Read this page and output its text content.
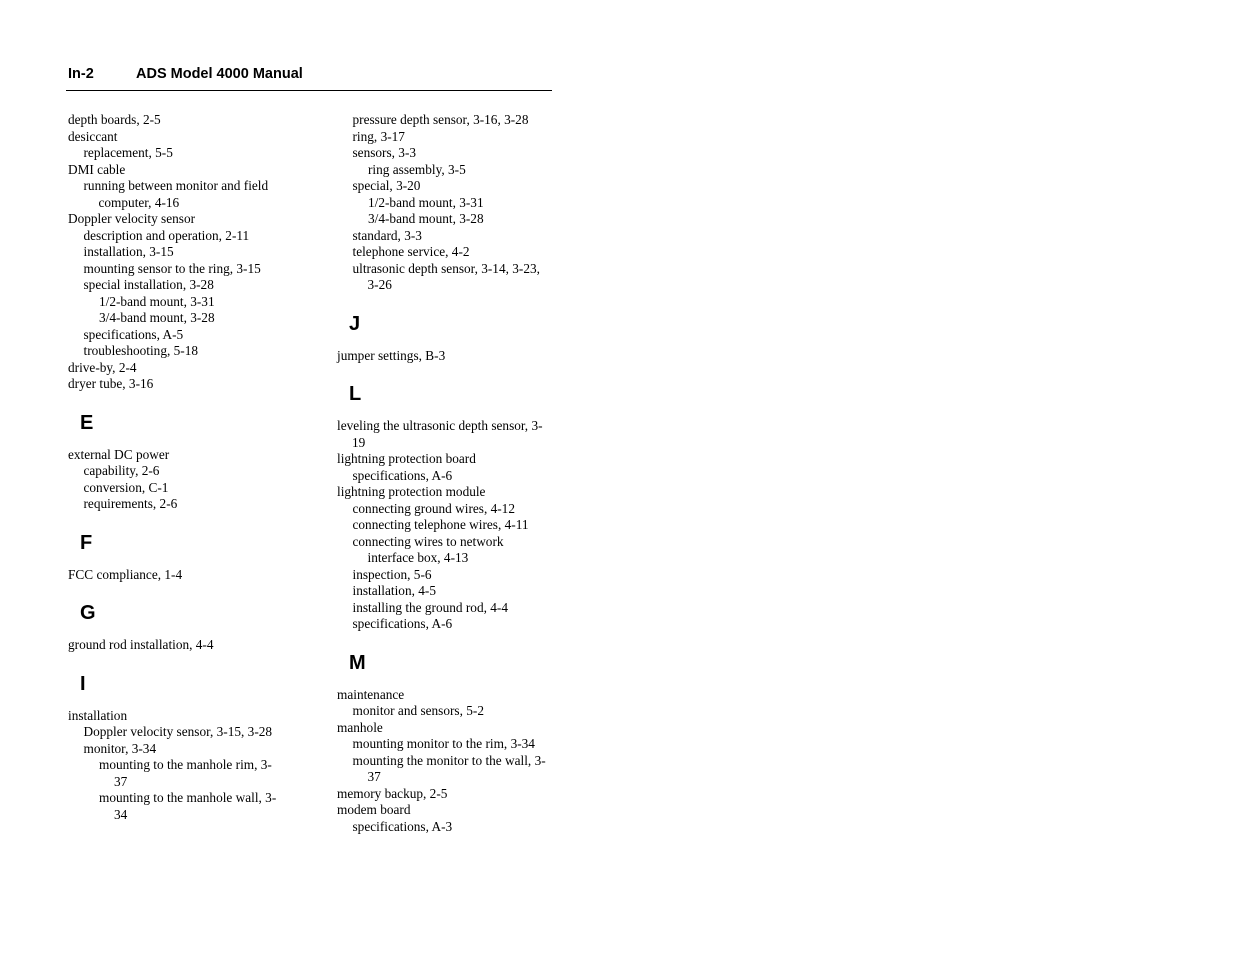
In-2	ADS Model 4000 Manual
depth boards, 2-5
desiccant
replacement, 5-5
DMI cable
running between monitor and field computer, 4-16
Doppler velocity sensor
description and operation, 2-11
installation, 3-15
mounting sensor to the ring, 3-15
special installation, 3-28
1/2-band mount, 3-31
3/4-band mount, 3-28
specifications, A-5
troubleshooting, 5-18
drive-by, 2-4
dryer tube, 3-16
E
external DC power
capability, 2-6
conversion, C-1
requirements, 2-6
F
FCC compliance, 1-4
G
ground rod installation, 4-4
I
installation
Doppler velocity sensor, 3-15, 3-28
monitor, 3-34
mounting to the manhole rim, 3-37
mounting to the manhole wall, 3-34
pressure depth sensor, 3-16, 3-28
ring, 3-17
sensors, 3-3
ring assembly, 3-5
special, 3-20
1/2-band mount, 3-31
3/4-band mount, 3-28
standard, 3-3
telephone service, 4-2
ultrasonic depth sensor, 3-14, 3-23, 3-26
J
jumper settings, B-3
L
leveling the ultrasonic depth sensor, 3-19
lightning protection board
specifications, A-6
lightning protection module
connecting ground wires, 4-12
connecting telephone wires, 4-11
connecting wires to network interface box, 4-13
inspection, 5-6
installation, 4-5
installing the ground rod, 4-4
specifications, A-6
M
maintenance
monitor and sensors, 5-2
manhole
mounting monitor to the rim, 3-34
mounting the monitor to the wall, 3-37
memory backup, 2-5
modem board
specifications, A-3
